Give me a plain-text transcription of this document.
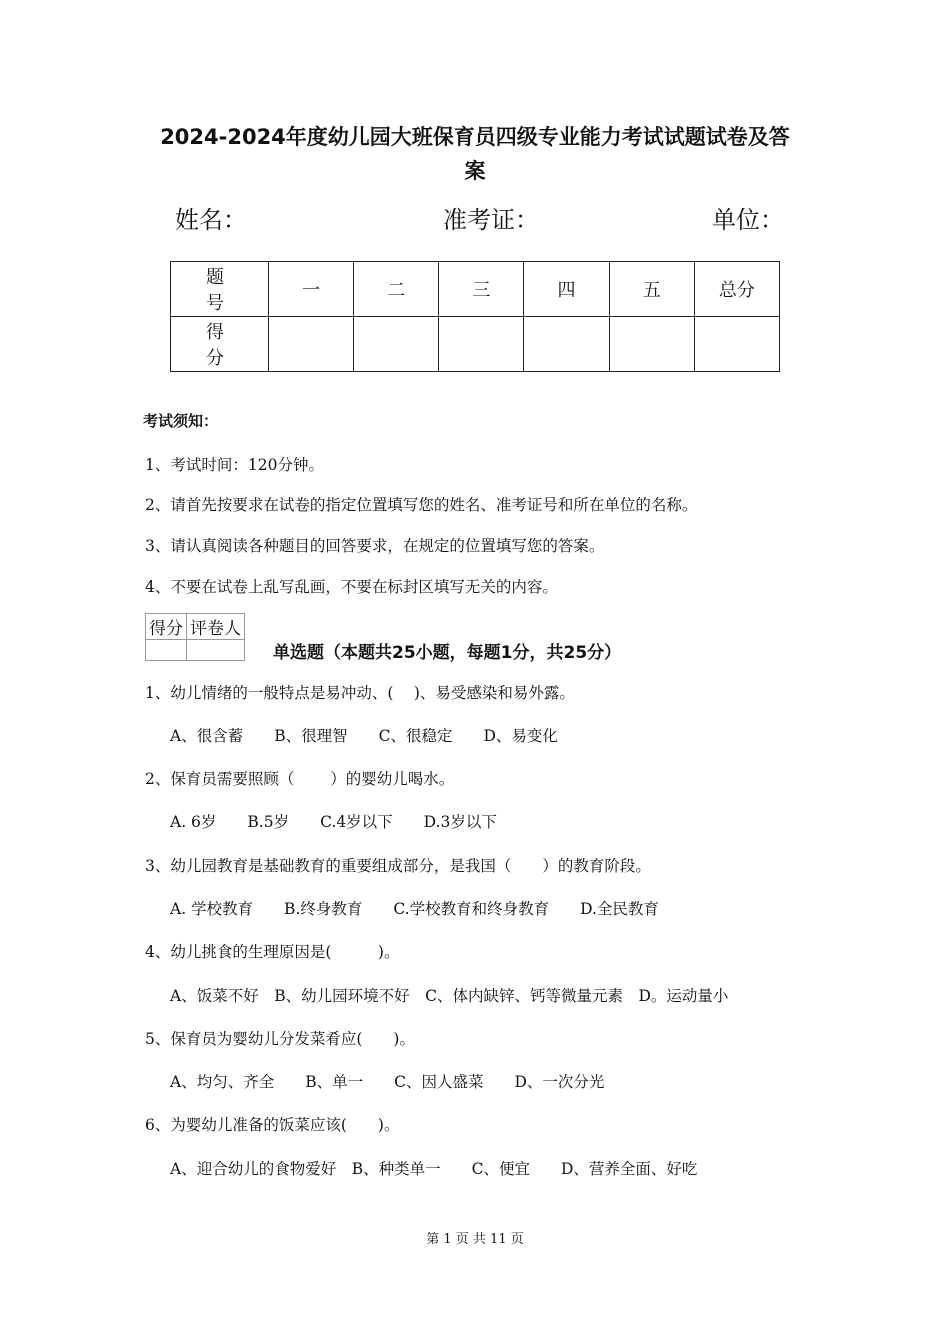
2024-2024年度幼儿园大班保育员四级专业能力考试试题试卷及答
案
姓名：	准考证：	单位：
题　号	一	二	三	四	五	总分
得　分						
考试须知：
1、考试时间：120分钟。
2、请首先按要求在试卷的指定位置填写您的姓名、准考证号和所在单位的名称。
3、请认真阅读各种题目的回答要求，在规定的位置填写您的答案。
4、不要在试卷上乱写乱画，不要在标封区填写无关的内容。
得分	评卷人

单选题（本题共25小题，每题1分，共25分）
1、幼儿情绪的一般特点是易冲动、(　 )、易受感染和易外露。
A、很含蓄　　B、很理智　　C、很稳定　　D、易变化
2、保育员需要照顾（　　 ）的婴幼儿喝水。
A. 6岁　　B.5岁　　C.4岁以下　　D.3岁以下
3、幼儿园教育是基础教育的重要组成部分，是我国（　　）的教育阶段。
A. 学校教育　　B.终身教育　　C.学校教育和终身教育　　D.全民教育
4、幼儿挑食的生理原因是(　　　)。
A、饭菜不好　B、幼儿园环境不好　C、体内缺锌、钙等微量元素　D。运动量小
5、保育员为婴幼儿分发菜肴应(　　)。
A、均匀、齐全　　B、单一　　C、因人盛菜　　D、一次分光
6、为婴幼儿准备的饭菜应该(　　)。
A、迎合幼儿的食物爱好　B、种类单一　　C、便宜　　D、营养全面、好吃
第 1 页 共 11 页
